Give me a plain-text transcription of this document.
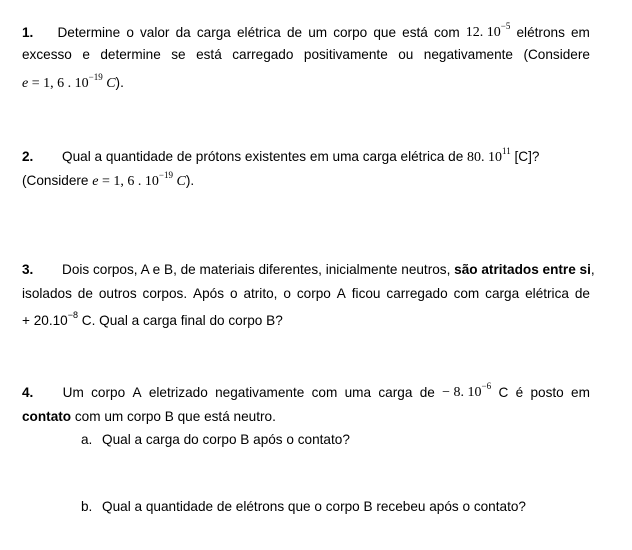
1. Determine o valor da carga elétrica de um corpo que está com 12. $10^{-5}$ elétrons em
excesso e determine se está carregado positivamente ou negativamente (Considere
e = 1, 6 . $10^{-19}$ C).
2. Qual a quantidade de prótons existentes em uma carga elétrica de 80. $10^{11}$ [C]?
(Considere e = 1, 6 . $10^{-19}$ C).
3. Dois corpos, A e B, de materiais diferentes, inicialmente neutros, são atritados entre si,
isolados de outros corpos. Após o atrito, o corpo A ficou carregado com carga elétrica de
+ $20.10^{-8}$ C. Qual a carga final do corpo B?
4. Um corpo A eletrizado negativamente com uma carga de − 8. $10^{-6}$ C é posto em
contato com um corpo B que está neutro.
a. Qual a carga do corpo B após o contato?
b. Qual a quantidade de elétrons que o corpo B recebeu após o contato?
